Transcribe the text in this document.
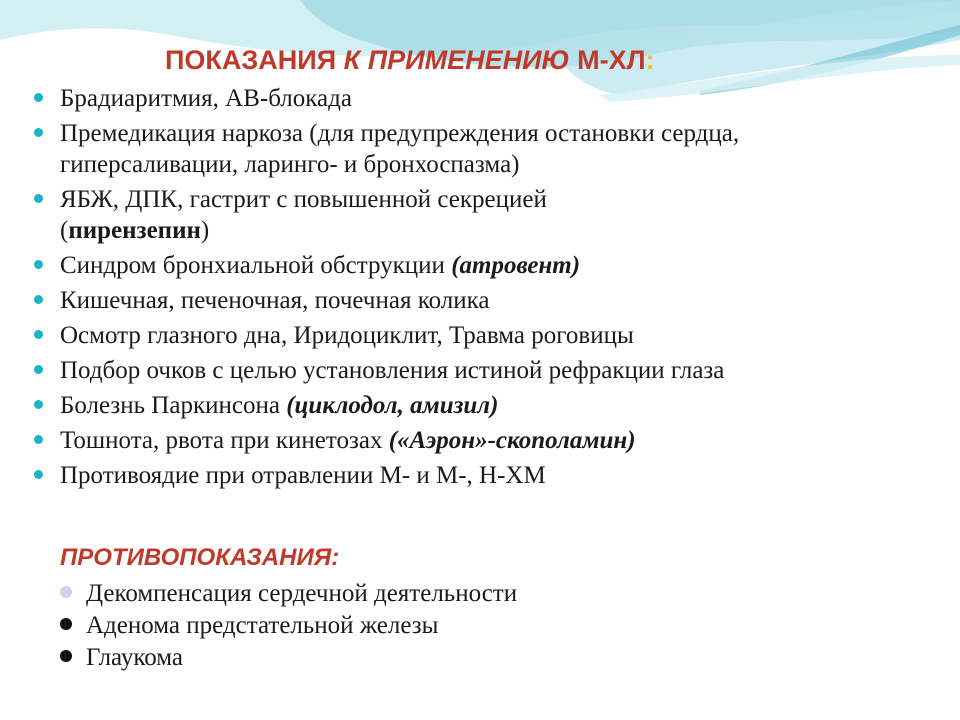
ПОКАЗАНИЯ К ПРИМЕНЕНИЮ М-ХЛ:
Брадиаритмия, АВ-блокада
Премедикация наркоза (для предупреждения остановки сердца, гиперсаливации, ларинго- и бронхоспазма)
ЯБЖ, ДПК, гастрит с повышенной секрецией (пирензепин)
Синдром бронхиальной обструкции (атровент)
Кишечная, печеночная, почечная колика
Осмотр глазного дна, Иридоциклит, Травма роговицы
Подбор очков с целью установления истиной рефракции глаза
Болезнь Паркинсона (циклодол, амизил)
Тошнота, рвота при кинетозах («Аэрон»-скополамин)
Противоядие при отравлении М- и М-, Н-ХМ
ПРОТИВОПОКАЗАНИЯ:
Декомпенсация сердечной деятельности
Аденома предстательной железы
Глаукома
